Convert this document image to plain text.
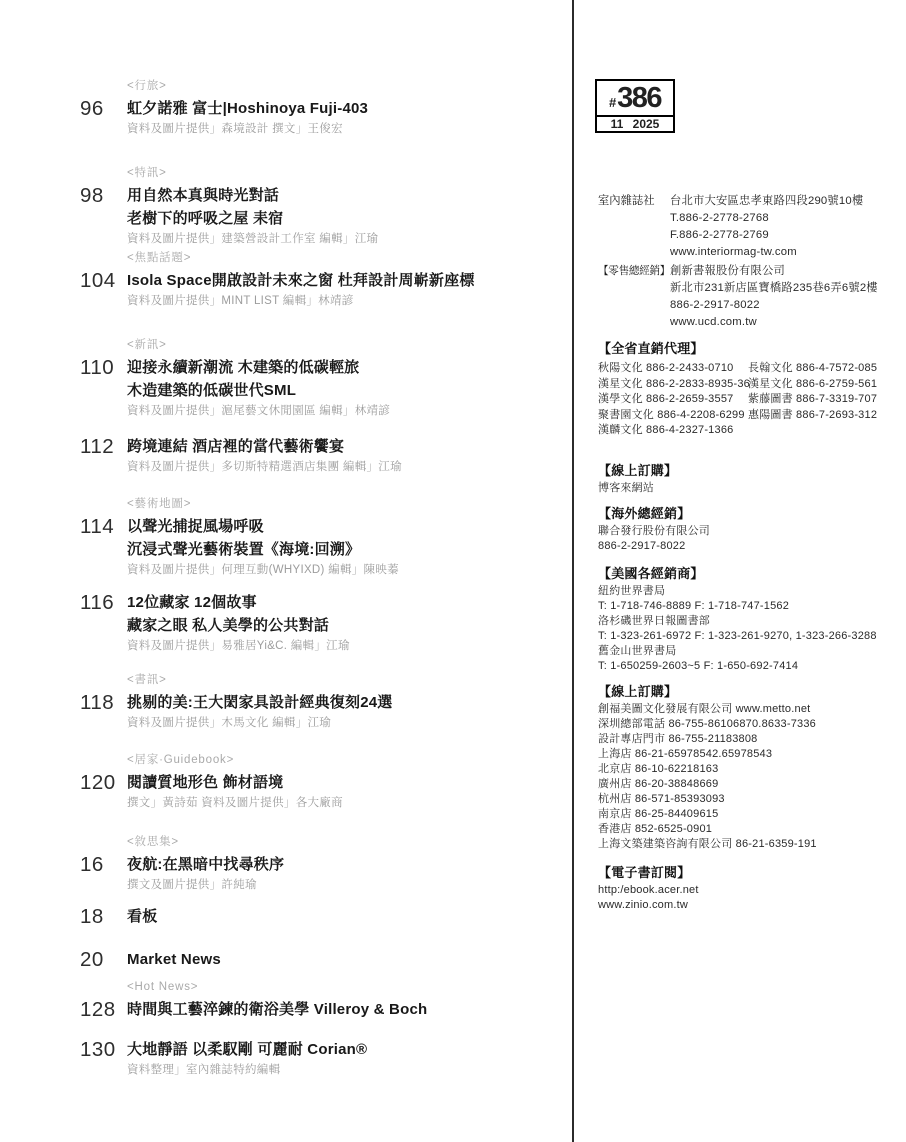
<行旅>
96 虹夕諾雅 富士|Hoshinoya Fuji-403
資料及圖片提供」森境設計 撰文」王俊宏
<特訊>
98 用自然本真與時光對話
老樹下的呼吸之屋 耒宿
資料及圖片提供」建築營設計工作室 編輯」江瑜
<焦點話題>
104 Isola Space開啟設計未來之窗 杜拜設計周嶄新座標
資料及圖片提供」MINT LIST 編輯」林靖諺
<新訊>
110 迎接永續新潮流 木建築的低碳輕旅
木造建築的低碳世代SML
資料及圖片提供」滬尾藝文休閒園區 編輯」林靖諺
112 跨境連結 酒店裡的當代藝術饗宴
資料及圖片提供」多切斯特精選酒店集團 編輯」江瑜
<藝術地圖>
114 以聲光捕捉風場呼吸
沉浸式聲光藝術裝置《海境:回溯》
資料及圖片提供」何理互動(WHYIXD) 編輯」陳映蓁
116 12位藏家 12個故事
藏家之眼 私人美學的公共對話
資料及圖片提供」易雅居Yi&C. 編輯」江瑜
<書訊>
118 挑剔的美:王大閎家具設計經典復刻24選
資料及圖片提供」木馬文化 編輯」江瑜
<居家·Guidebook>
120 閱讀質地形色 飾材語境
撰文」黃詩茹 資料及圖片提供」各大廠商
<敘思集>
16 夜航:在黑暗中找尋秩序
撰文及圖片提供」許純瑜
18 看板
20 Market News
<Hot News>
128 時間與工藝淬鍊的衛浴美學 Villeroy & Boch
130 大地靜語 以柔馭剛 可麗耐 Corian®
資料整理」室內雜誌特約編輯
# 386
11 2025
室內雜誌社 台北市大安區忠孝東路四段290號10樓
T.886-2-2778-2768
F.886-2-2778-2769
www.interiormag-tw.com
【零售總經銷】 創新書報股份有限公司
新北市231新店區寶橋路235巷6弄6號2樓
886-2-2917-8022
www.ucd.com.tw
【全省直銷代理】
秋陽文化 886-2-2433-0710
漢星文化 886-2-2833-8935-36
漢學文化 886-2-2659-3557
聚書園文化 886-4-2208-6299
漢麟文化 886-4-2327-1366
長翰文化 886-4-7572-085
漢星文化 886-6-2759-561
紫藤圖書 886-7-3319-707
惠陽圖書 886-7-2693-312
【線上訂購】
博客來網站
【海外總經銷】
聯合發行股份有限公司
886-2-2917-8022
【美國各經銷商】
紐約世界書局
T: 1-718-746-8889 F: 1-718-747-1562
洛杉磯世界日報圖書部
T: 1-323-261-6972 F: 1-323-261-9270, 1-323-266-3288
舊金山世界書局
T: 1-650259-2603~5 F: 1-650-692-7414
【線上訂購】
創福美圖文化發展有限公司 www.metto.net
深圳總部電話 86-755-86106870.8633-7336
設計專店門市 86-755-21183808
上海店 86-21-65978542.65978543
北京店 86-10-62218163
廣州店 86-20-38848669
杭州店 86-571-85393093
南京店 86-25-84409615
香港店 852-6525-0901
上海文築建築咨詢有限公司 86-21-6359-191
【電子書訂閱】
http:/ebook.acer.net
www.zinio.com.tw
